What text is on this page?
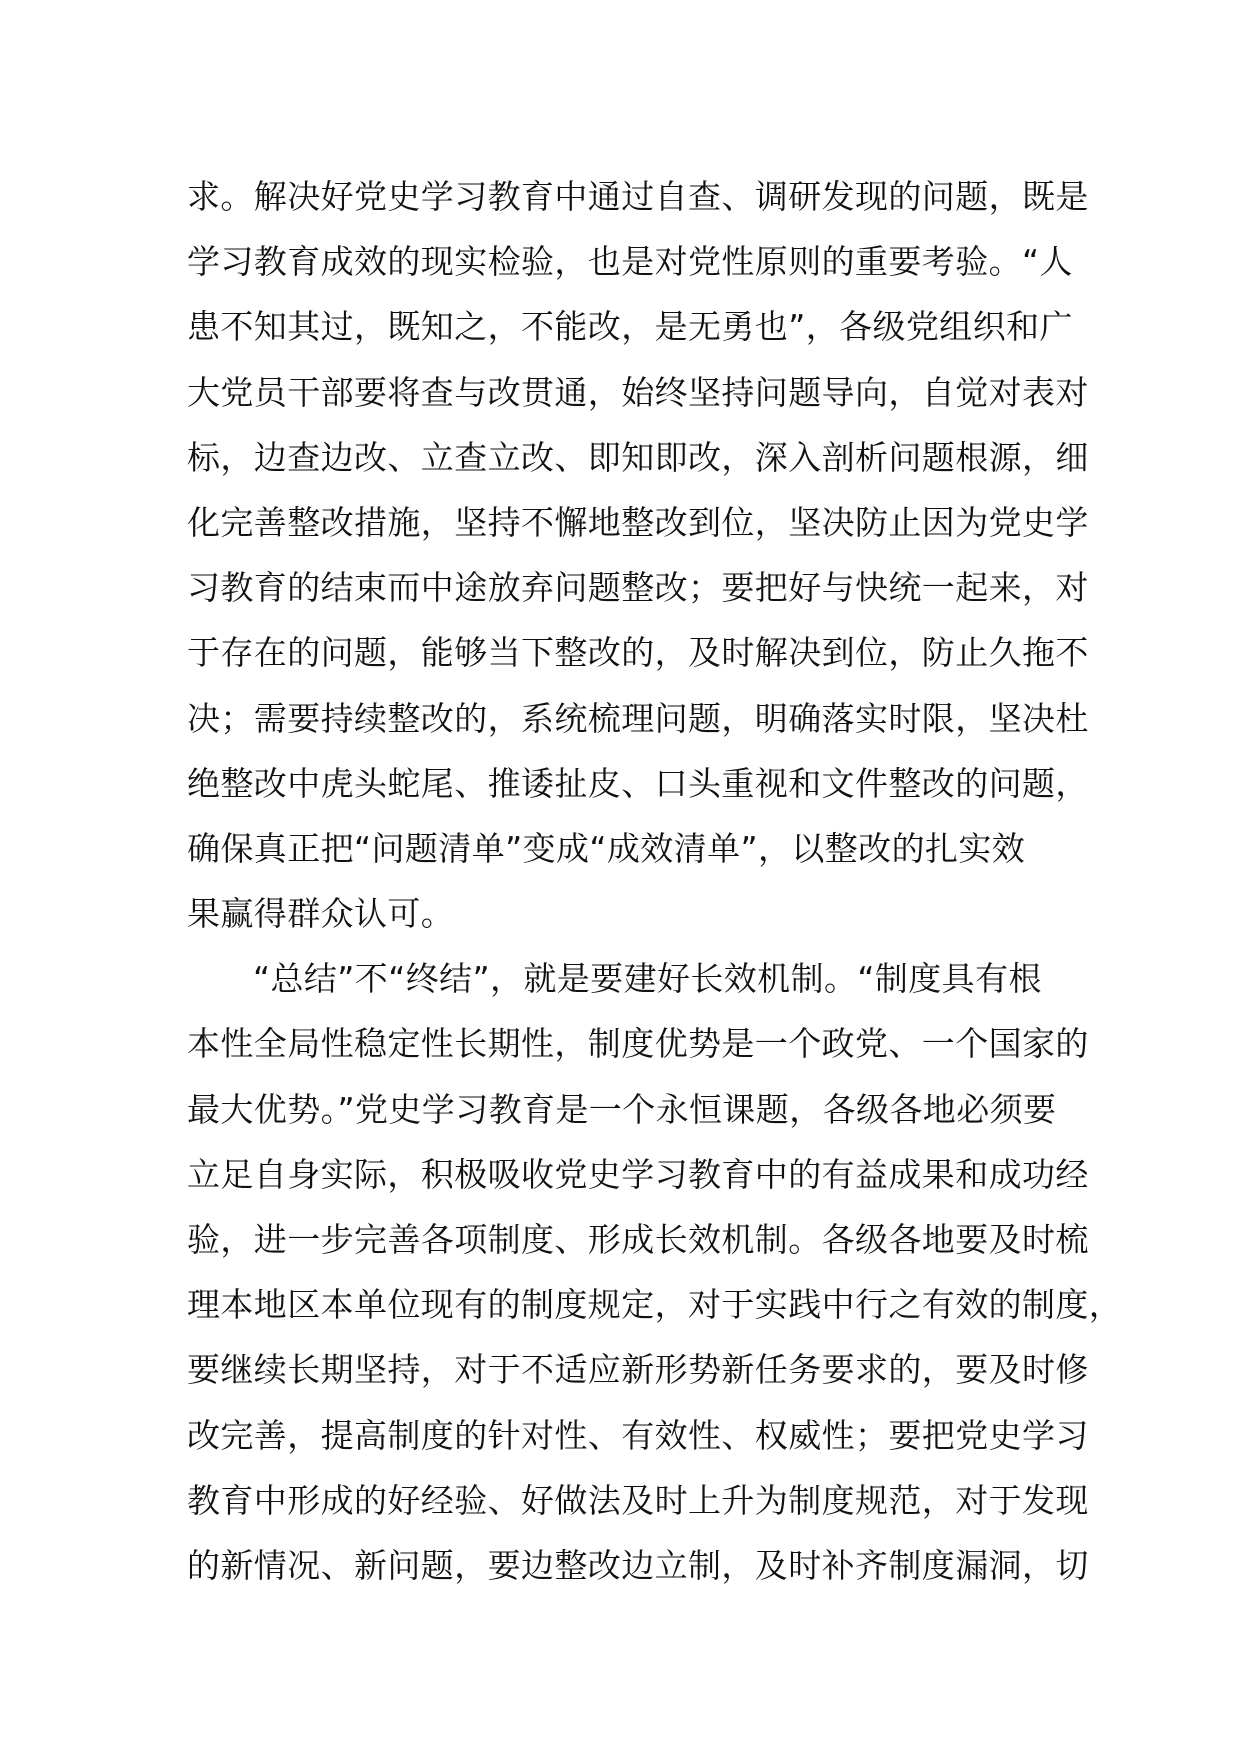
求。解决好党史学习教育中通过自查、调研发现的问题，既是
学习教育成效的现实检验，也是对党性原则的重要考验。“人
患不知其过，既知之，不能改，是无勇也”，各级党组织和广
大党员干部要将查与改贯通，始终坚持问题导向，自觉对表对
标，边查边改、立查立改、即知即改，深入剖析问题根源，细
化完善整改措施，坚持不懈地整改到位，坚决防止因为党史学
习教育的结束而中途放弃问题整改；要把好与快统一起来，对
于存在的问题，能够当下整改的，及时解决到位，防止久拖不
决；需要持续整改的，系统梳理问题，明确落实时限，坚决杜
绝整改中虎头蛇尾、推诿扯皮、口头重视和文件整改的问题，
确保真正把“问题清单”变成“成效清单”，以整改的扎实效
果赢得群众认可。
“总结”不“终结”，就是要建好长效机制。“制度具有根
本性全局性稳定性长期性，制度优势是一个政党、一个国家的
最大优势。”党史学习教育是一个永恒课题，各级各地必须要
立足自身实际，积极吸收党史学习教育中的有益成果和成功经
验，进一步完善各项制度、形成长效机制。各级各地要及时梳
理本地区本单位现有的制度规定，对于实践中行之有效的制度，
要继续长期坚持，对于不适应新形势新任务要求的，要及时修
改完善，提高制度的针对性、有效性、权威性；要把党史学习
教育中形成的好经验、好做法及时上升为制度规范，对于发现
的新情况、新问题，要边整改边立制，及时补齐制度漏洞，切
